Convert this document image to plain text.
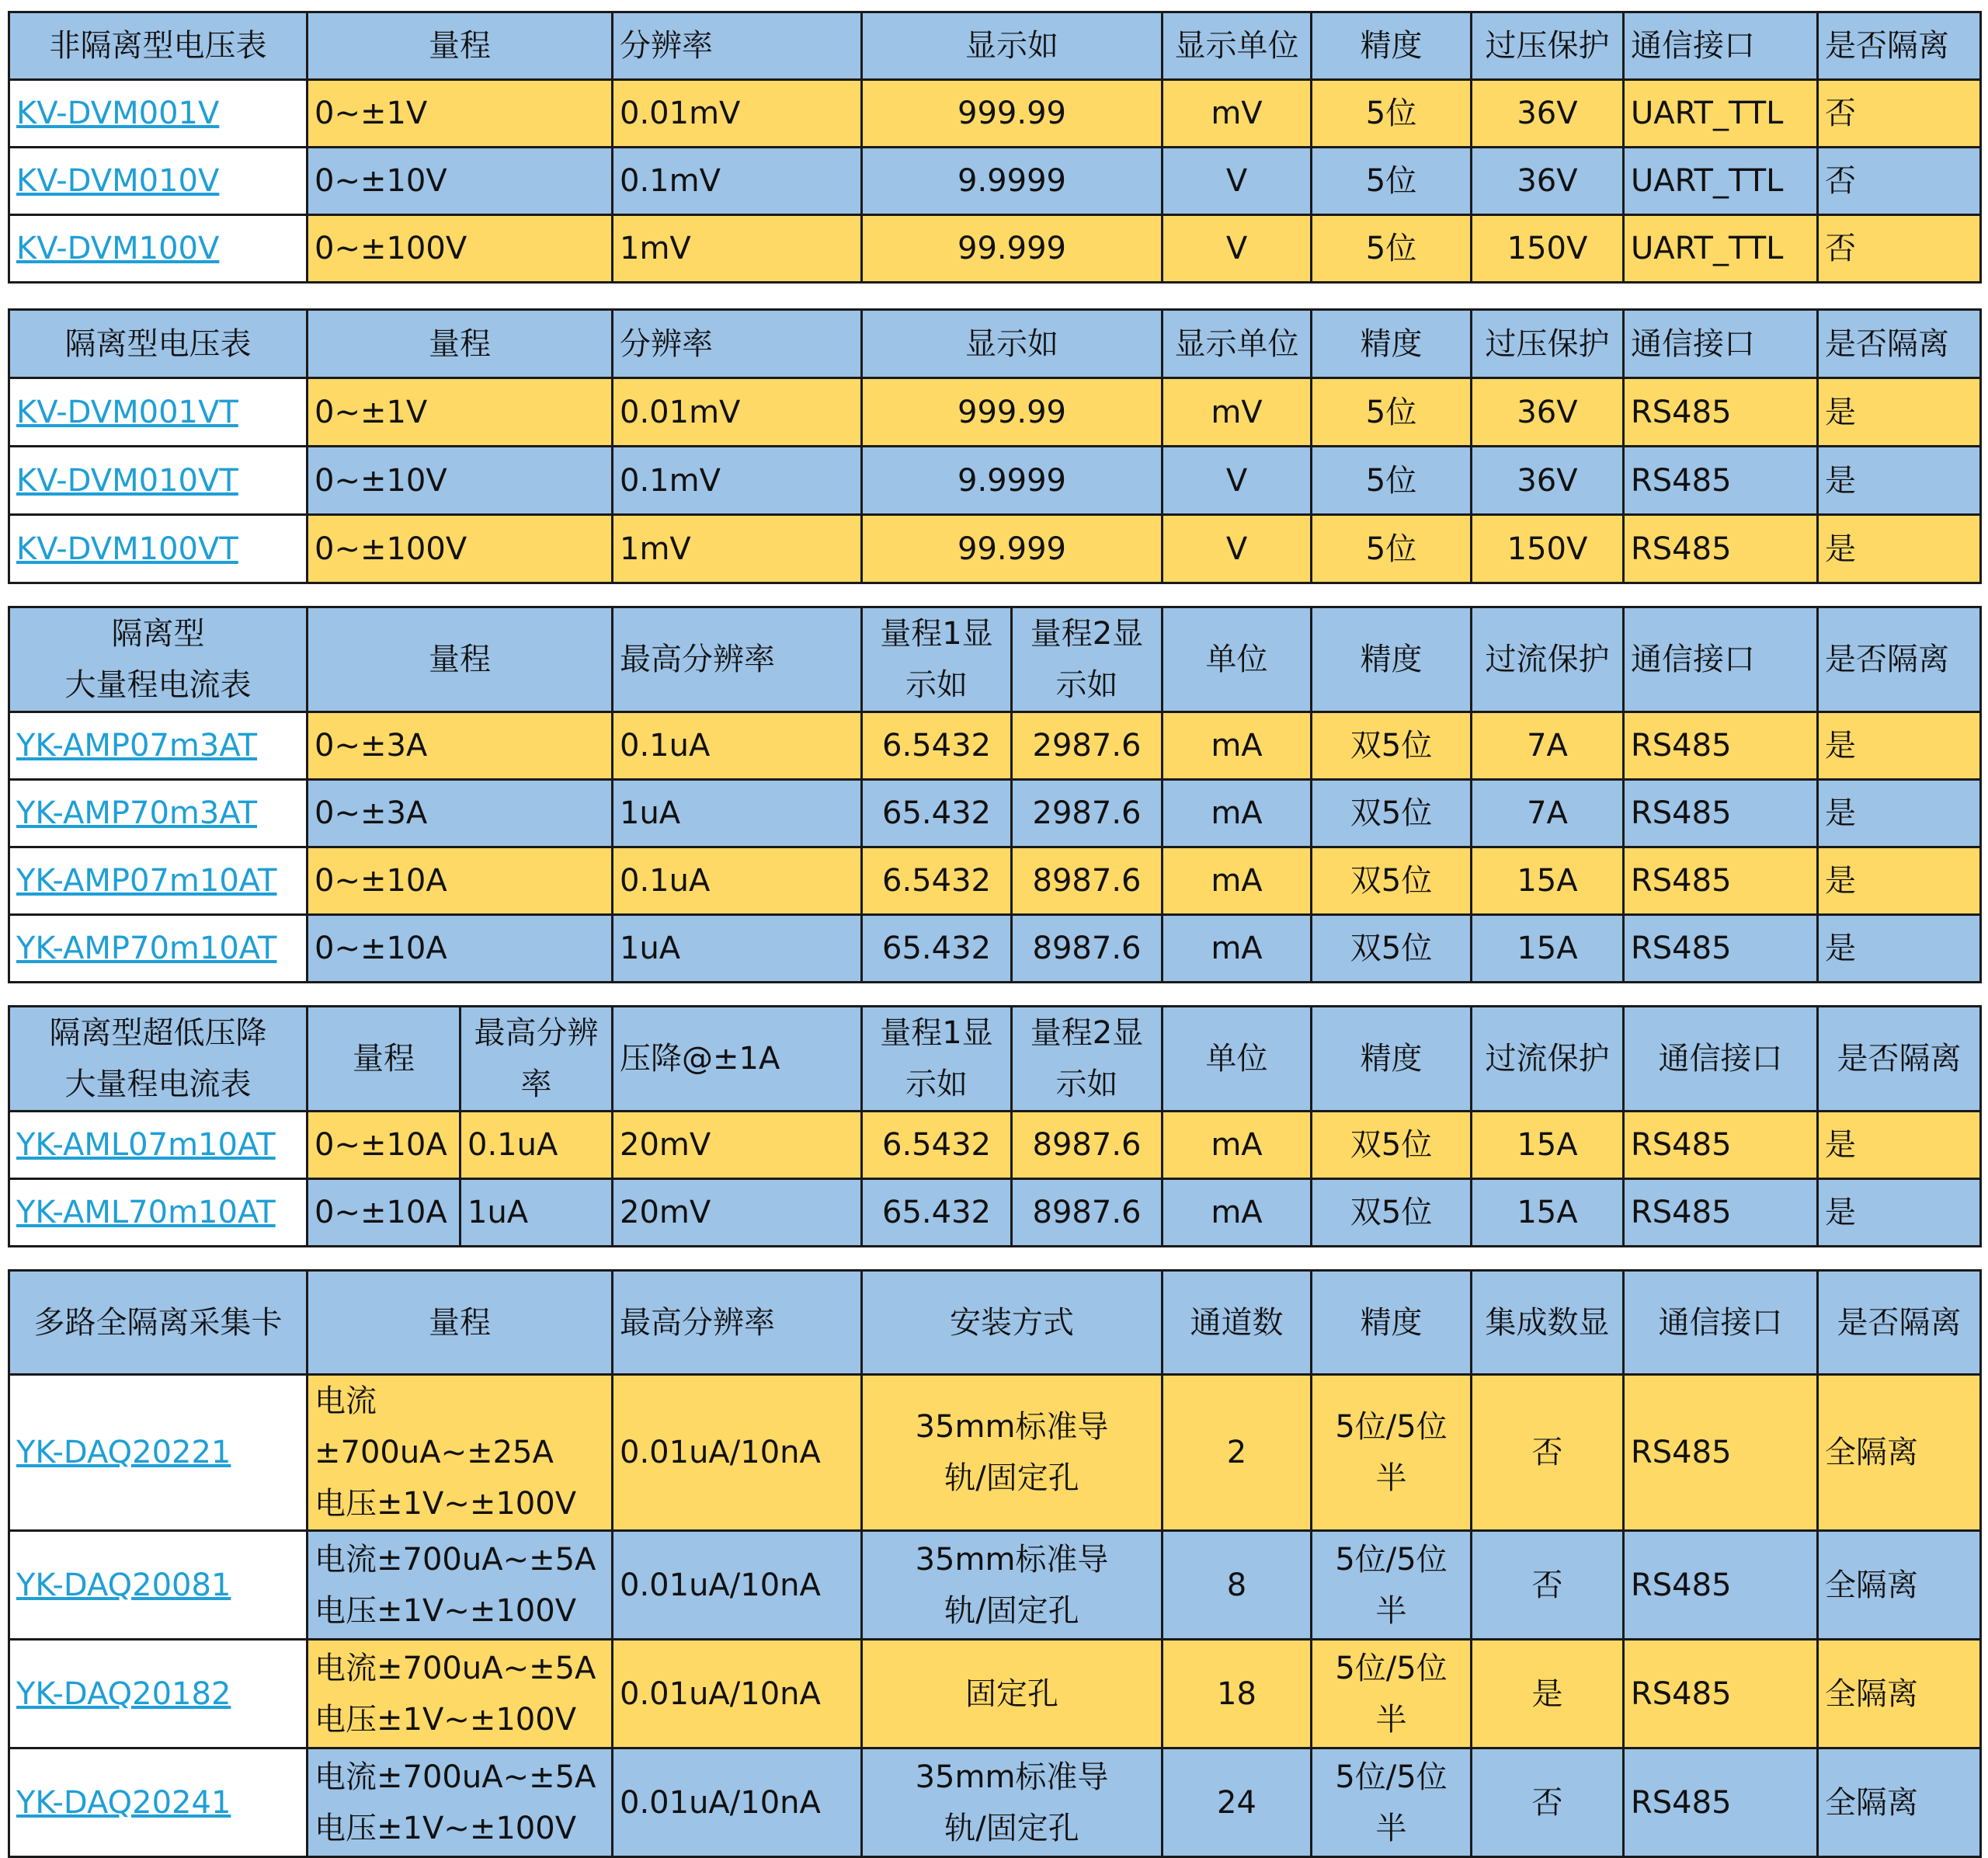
非隔离型电压表	量程	分辨率	显示如	显示单位	精度	过压保护	通信接口	是否隔离
KV-DVM001V	0~±1V	0.01mV	999.99	mV	5位	36V	UART_TTL	否
KV-DVM010V	0~±10V	0.1mV	9.9999	V	5位	36V	UART_TTL	否
KV-DVM100V	0~±100V	1mV	99.999	V	5位	150V	UART_TTL	否
隔离型电压表	量程	分辨率	显示如	显示单位	精度	过压保护	通信接口	是否隔离
KV-DVM001VT	0~±1V	0.01mV	999.99	mV	5位	36V	RS485	是
KV-DVM010VT	0~±10V	0.1mV	9.9999	V	5位	36V	RS485	是
KV-DVM100VT	0~±100V	1mV	99.999	V	5位	150V	RS485	是
隔离型
大量程电流表	量程	最高分辨率	量程1显
示如	量程2显
示如	单位	精度	过流保护	通信接口	是否隔离
YK-AMP07m3AT	0~±3A	0.1uA	6.5432	2987.6	mA	双5位	7A	RS485	是
YK-AMP70m3AT	0~±3A	1uA	65.432	2987.6	mA	双5位	7A	RS485	是
YK-AMP07m10AT	0~±10A	0.1uA	6.5432	8987.6	mA	双5位	15A	RS485	是
YK-AMP70m10AT	0~±10A	1uA	65.432	8987.6	mA	双5位	15A	RS485	是
隔离型超低压降
大量程电流表	量程	最高分辨
率	压降@±1A	量程1显
示如	量程2显
示如	单位	精度	过流保护	通信接口	是否隔离
YK-AML07m10AT	0~±10A	0.1uA	20mV	6.5432	8987.6	mA	双5位	15A	RS485	是
YK-AML70m10AT	0~±10A	1uA	20mV	65.432	8987.6	mA	双5位	15A	RS485	是
多路全隔离采集卡	量程	最高分辨率	安装方式	通道数	精度	集成数显	通信接口	是否隔离
YK-DAQ20221	电流±700uA~±25A
电压±1V~±100V	0.01uA/10nA	35mm标准导
轨/固定孔	2	5位/5位
半	否	RS485	全隔离
YK-DAQ20081	电流±700uA~±5A
电压±1V~±100V	0.01uA/10nA	35mm标准导
轨/固定孔	8	5位/5位
半	否	RS485	全隔离
YK-DAQ20182	电流±700uA~±5A
电压±1V~±100V	0.01uA/10nA	固定孔	18	5位/5位
半	是	RS485	全隔离
YK-DAQ20241	电流±700uA~±5A
电压±1V~±100V	0.01uA/10nA	35mm标准导
轨/固定孔	24	5位/5位
半	否	RS485	全隔离
